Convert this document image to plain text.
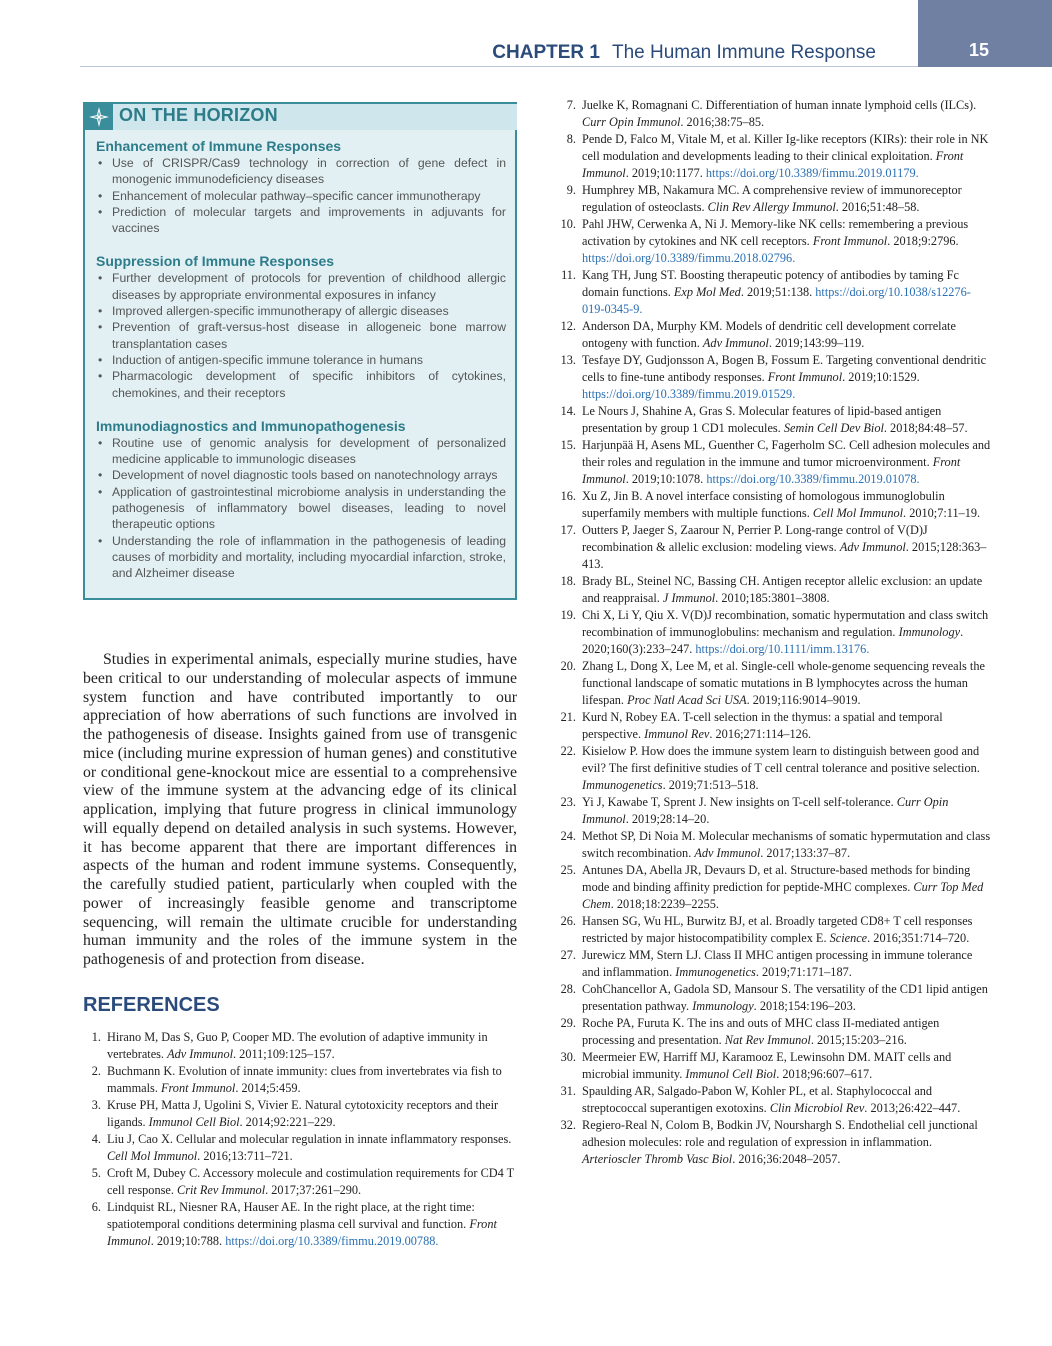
CHAPTER 1 The Human Immune Response	15
ON THE HORIZON
Enhancement of Immune Responses
• Use of CRISPR/Cas9 technology in correction of gene defect in monogenic immunodeficiency diseases
• Enhancement of molecular pathway–specific cancer immunotherapy
• Prediction of molecular targets and improvements in adjuvants for vaccines
Suppression of Immune Responses
• Further development of protocols for prevention of childhood allergic diseases by appropriate environmental exposures in infancy
• Improved allergen-specific immunotherapy of allergic diseases
• Prevention of graft-versus-host disease in allogeneic bone marrow transplantation cases
• Induction of antigen-specific immune tolerance in humans
• Pharmacologic development of specific inhibitors of cytokines, chemokines, and their receptors
Immunodiagnostics and Immunopathogenesis
• Routine use of genomic analysis for development of personalized medicine applicable to immunologic diseases
• Development of novel diagnostic tools based on nanotechnology arrays
• Application of gastrointestinal microbiome analysis in understanding the pathogenesis of inflammatory bowel diseases, leading to novel therapeutic options
• Understanding the role of inflammation in the pathogenesis of leading causes of morbidity and mortality, including myocardial infarction, stroke, and Alzheimer disease

Studies in experimental animals, especially murine studies, have been critical to our understanding of molecular aspects of immune system function and have contributed importantly to our appreciation of how aberrations of such functions are involved in the pathogenesis of disease. Insights gained from use of transgenic mice (including murine expression of human genes) and constitutive or conditional gene-knockout mice are essential to a comprehensive view of the immune system at the advancing edge of its clinical application, implying that future progress in clinical immunology will equally depend on detailed analysis in such systems. However, it has become apparent that there are important differences in aspects of the human and rodent immune systems. Consequently, the carefully studied patient, particularly when coupled with the power of increasingly feasible genome and transcriptome sequencing, will remain the ultimate crucible for understanding human immunity and the roles of the immune system in the pathogenesis of and protection from disease.

REFERENCES
1. Hirano M, Das S, Guo P, Cooper MD. The evolution of adaptive immunity in vertebrates. Adv Immunol. 2011;109:125–157.
2. Buchmann K. Evolution of innate immunity: clues from invertebrates via fish to mammals. Front Immunol. 2014;5:459.
3. Kruse PH, Matta J, Ugolini S, Vivier E. Natural cytotoxicity receptors and their ligands. Immunol Cell Biol. 2014;92:221–229.
4. Liu J, Cao X. Cellular and molecular regulation in innate inflammatory responses. Cell Mol Immunol. 2016;13:711–721.
5. Croft M, Dubey C. Accessory molecule and costimulation requirements for CD4 T cell response. Crit Rev Immunol. 2017;37:261–290.
6. Lindquist RL, Niesner RA, Hauser AE. In the right place, at the right time: spatiotemporal conditions determining plasma cell survival and function. Front Immunol. 2019;10:788. https://doi.org/10.3389/fimmu.2019.00788.
7. Juelke K, Romagnani C. Differentiation of human innate lymphoid cells (ILCs). Curr Opin Immunol. 2016;38:75–85.
8. Pende D, Falco M, Vitale M, et al. Killer Ig-like receptors (KIRs): their role in NK cell modulation and developments leading to their clinical exploitation. Front Immunol. 2019;10:1177. https://doi.org/10.3389/fimmu.2019.01179.
9. Humphrey MB, Nakamura MC. A comprehensive review of immunoreceptor regulation of osteoclasts. Clin Rev Allergy Immunol. 2016;51:48–58.
10. Pahl JHW, Cerwenka A, Ni J. Memory-like NK cells: remembering a previous activation by cytokines and NK cell receptors. Front Immunol. 2018;9:2796. https://doi.org/10.3389/fimmu.2018.02796.
11. Kang TH, Jung ST. Boosting therapeutic potency of antibodies by taming Fc domain functions. Exp Mol Med. 2019;51:138. https://doi.org/10.1038/s12276-019-0345-9.
12. Anderson DA, Murphy KM. Models of dendritic cell development correlate ontogeny with function. Adv Immunol. 2019;143:99–119.
13. Tesfaye DY, Gudjonsson A, Bogen B, Fossum E. Targeting conventional dendritic cells to fine-tune antibody responses. Front Immunol. 2019;10:1529. https://doi.org/10.3389/fimmu.2019.01529.
14. Le Nours J, Shahine A, Gras S. Molecular features of lipid-based antigen presentation by group 1 CD1 molecules. Semin Cell Dev Biol. 2018;84:48–57.
15. Harjunpää H, Asens ML, Guenther C, Fagerholm SC. Cell adhesion molecules and their roles and regulation in the immune and tumor microenvironment. Front Immunol. 2019;10:1078. https://doi.org/10.3389/fimmu.2019.01078.
16. Xu Z, Jin B. A novel interface consisting of homologous immunoglobulin superfamily members with multiple functions. Cell Mol Immunol. 2010;7:11–19.
17. Outters P, Jaeger S, Zaarour N, Perrier P. Long-range control of V(D)J recombination & allelic exclusion: modeling views. Adv Immunol. 2015;128:363–413.
18. Brady BL, Steinel NC, Bassing CH. Antigen receptor allelic exclusion: an update and reappraisal. J Immunol. 2010;185:3801–3808.
19. Chi X, Li Y, Qiu X. V(D)J recombination, somatic hypermutation and class switch recombination of immunoglobulins: mechanism and regulation. Immunology. 2020;160(3):233–247. https://doi.org/10.1111/imm.13176.
20. Zhang L, Dong X, Lee M, et al. Single-cell whole-genome sequencing reveals the functional landscape of somatic mutations in B lymphocytes across the human lifespan. Proc Natl Acad Sci USA. 2019;116:9014–9019.
21. Kurd N, Robey EA. T-cell selection in the thymus: a spatial and temporal perspective. Immunol Rev. 2016;271:114–126.
22. Kisielow P. How does the immune system learn to distinguish between good and evil? The first definitive studies of T cell central tolerance and positive selection. Immunogenetics. 2019;71:513–518.
23. Yi J, Kawabe T, Sprent J. New insights on T-cell self-tolerance. Curr Opin Immunol. 2019;28:14–20.
24. Methot SP, Di Noia M. Molecular mechanisms of somatic hypermutation and class switch recombination. Adv Immunol. 2017;133:37–87.
25. Antunes DA, Abella JR, Devaurs D, et al. Structure-based methods for binding mode and binding affinity prediction for peptide-MHC complexes. Curr Top Med Chem. 2018;18:2239–2255.
26. Hansen SG, Wu HL, Burwitz BJ, et al. Broadly targeted CD8+ T cell responses restricted by major histocompatibility complex E. Science. 2016;351:714–720.
27. Jurewicz MM, Stern LJ. Class II MHC antigen processing in immune tolerance and inflammation. Immunogenetics. 2019;71:171–187.
28. CohChancellor A, Gadola SD, Mansour S. The versatility of the CD1 lipid antigen presentation pathway. Immunology. 2018;154:196–203.
29. Roche PA, Furuta K. The ins and outs of MHC class II-mediated antigen processing and presentation. Nat Rev Immunol. 2015;15:203–216.
30. Meermeier EW, Harriff MJ, Karamooz E, Lewinsohn DM. MAIT cells and microbial immunity. Immunol Cell Biol. 2018;96:607–617.
31. Spaulding AR, Salgado-Pabon W, Kohler PL, et al. Staphylococcal and streptococcal superantigen exotoxins. Clin Microbiol Rev. 2013;26:422–447.
32. Regiero-Real N, Colom B, Bodkin JV, Nourshargh S. Endothelial cell junctional adhesion molecules: role and regulation of expression in inflammation. Arterioscler Thromb Vasc Biol. 2016;36:2048–2057.
